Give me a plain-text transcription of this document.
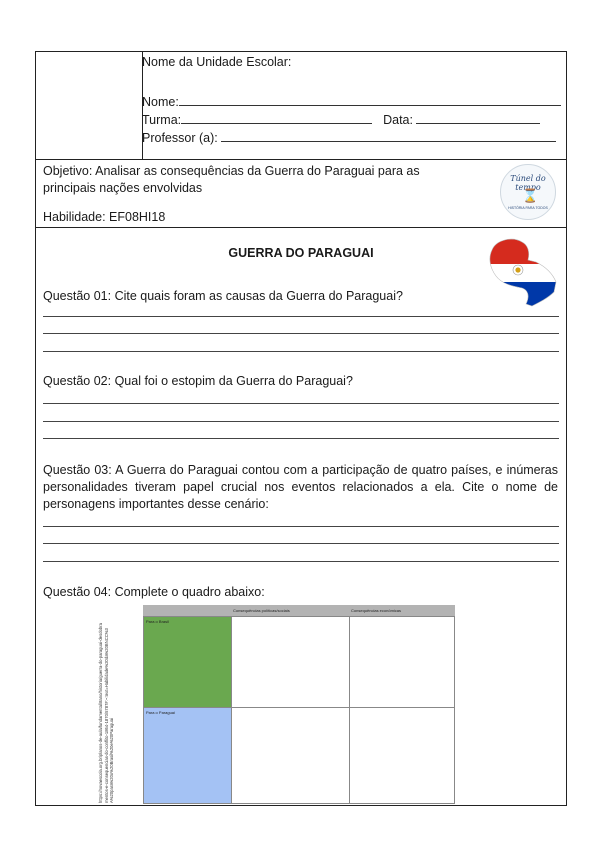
Nome da Unidade Escolar:
Nome:
Turma:	Data:
Professor (a):
Objetivo: Analisar as consequências da Guerra do Paraguai para as principais nações envolvidas
Habilidade: EF08HI18
Túnel do tempo
⌛
HISTÓRIA PARA TODOS
GUERRA DO PARAGUAI
Questão 01: Cite quais foram as causas da Guerra do Paraguai?
Questão 02: Qual foi o estopim da Guerra do Paraguai?
Questão 03: A Guerra do Paraguai contou com a participação de quatro países, e inúmeras personalidades tiveram papel crucial nos eventos relacionados a ela. Cite o nome de personagens importantes desse cenário:
Questão 04: Complete o quadro abaixo:
https://novaescola.org.br/planos-de-aula/fundamental/8ano/historia/guerra-do-paraguai-desdobramentos-e-consequencias-do-conflito-1864-1870/5787#:~:text=Habilidade%20da%20BNCC%3A%20para%20o%20Brasil%20e%20Paraguai
Consequências políticas/sociais	Consequências econômicas
Para o Brasil
Para o Paraguai
